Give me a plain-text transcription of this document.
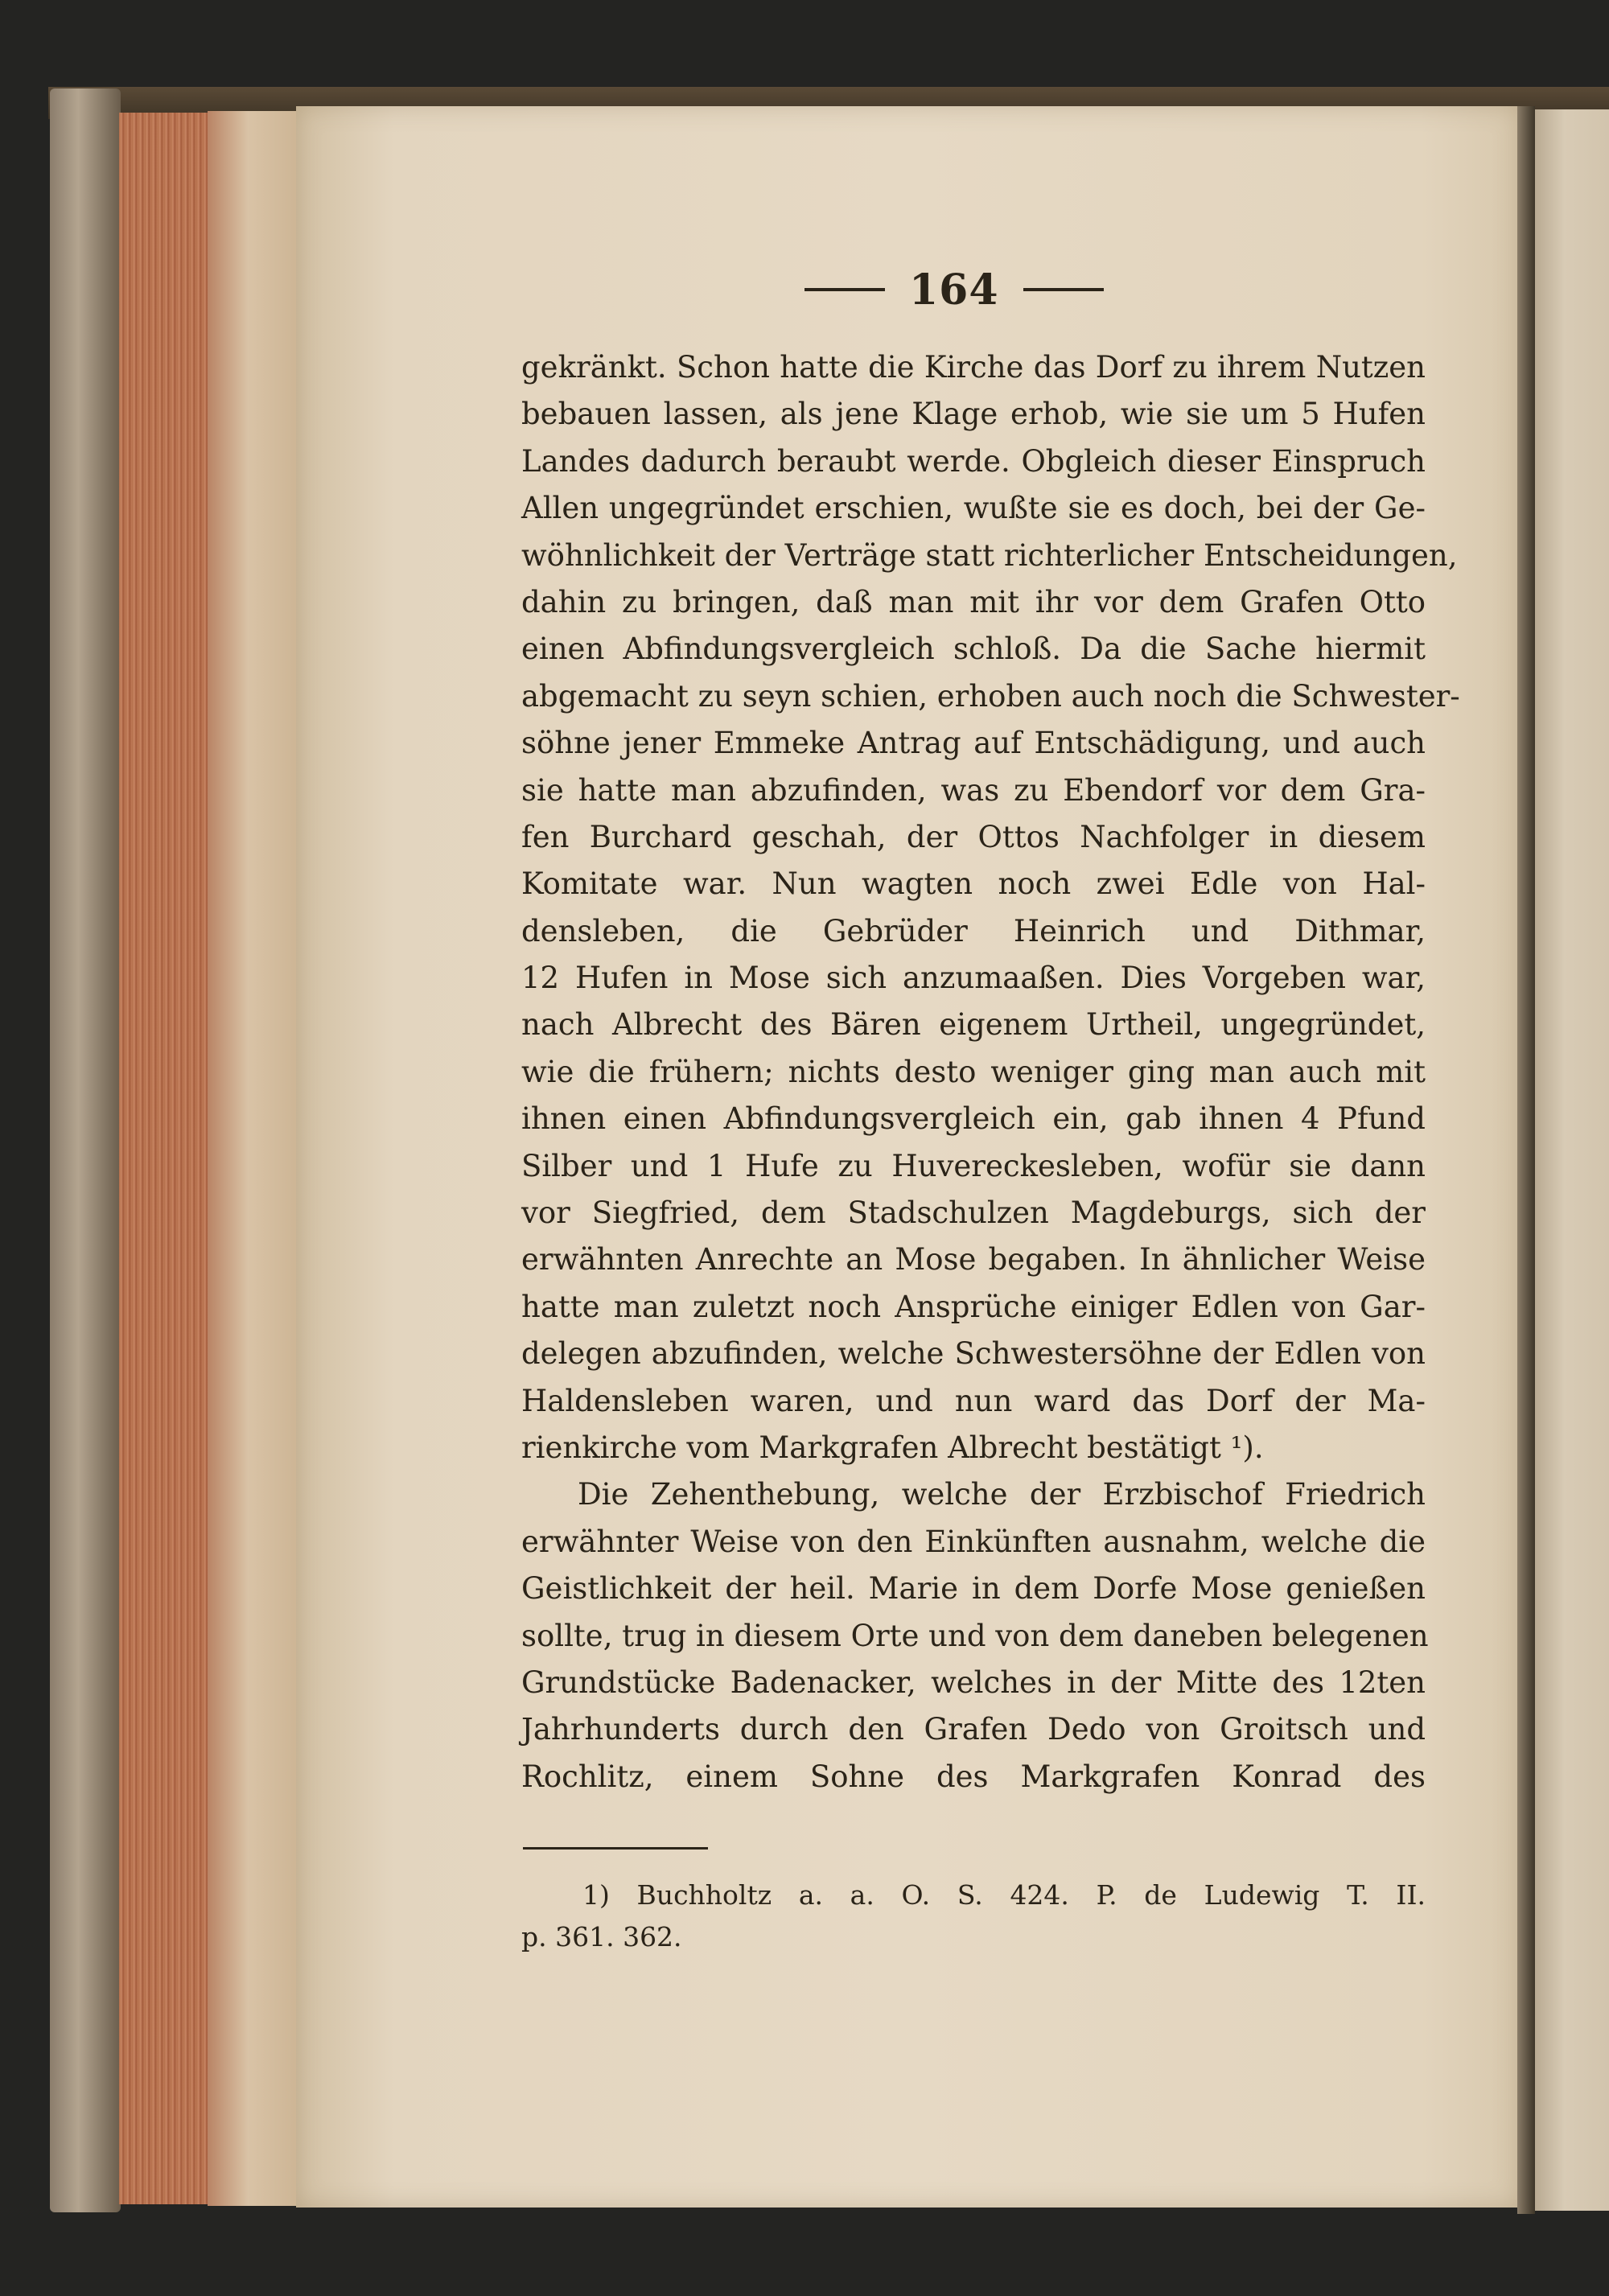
164
gekränkt. Schon hatte die Kirche das Dorf zu ihrem Nutzen
bebauen lassen, als jene Klage erhob, wie sie um 5 Hufen
Landes dadurch beraubt werde. Obgleich dieser Einspruch
Allen ungegründet erschien, wußte sie es doch, bei der Ge-
wöhnlichkeit der Verträge statt richterlicher Entscheidungen,
dahin zu bringen, daß man mit ihr vor dem Grafen Otto
einen Abfindungsvergleich schloß. Da die Sache hiermit
abgemacht zu seyn schien, erhoben auch noch die Schwester-
söhne jener Emmeke Antrag auf Entschädigung, und auch
sie hatte man abzufinden, was zu Ebendorf vor dem Gra-
fen Burchard geschah, der Ottos Nachfolger in diesem
Komitate war. Nun wagten noch zwei Edle von Hal-
densleben, die Gebrüder Heinrich und Dithmar,
12 Hufen in Mose sich anzumaaßen. Dies Vorgeben war,
nach Albrecht des Bären eigenem Urtheil, ungegründet,
wie die frühern; nichts desto weniger ging man auch mit
ihnen einen Abfindungsvergleich ein, gab ihnen 4 Pfund
Silber und 1 Hufe zu Huvereckesleben, wofür sie dann
vor Siegfried, dem Stadschulzen Magdeburgs, sich der
erwähnten Anrechte an Mose begaben. In ähnlicher Weise
hatte man zuletzt noch Ansprüche einiger Edlen von Gar-
delegen abzufinden, welche Schwestersöhne der Edlen von
Haldensleben waren, und nun ward das Dorf der Ma-
rienkirche vom Markgrafen Albrecht bestätigt ¹).
Die Zehenthebung, welche der Erzbischof Friedrich
erwähnter Weise von den Einkünften ausnahm, welche die
Geistlichkeit der heil. Marie in dem Dorfe Mose genießen
sollte, trug in diesem Orte und von dem daneben belegenen
Grundstücke Badenacker, welches in der Mitte des 12ten
Jahrhunderts durch den Grafen Dedo von Groitsch und
Rochlitz, einem Sohne des Markgrafen Konrad des
1) Buchholtz a. a. O. S. 424. P. de Ludewig T. II.
p. 361. 362.
